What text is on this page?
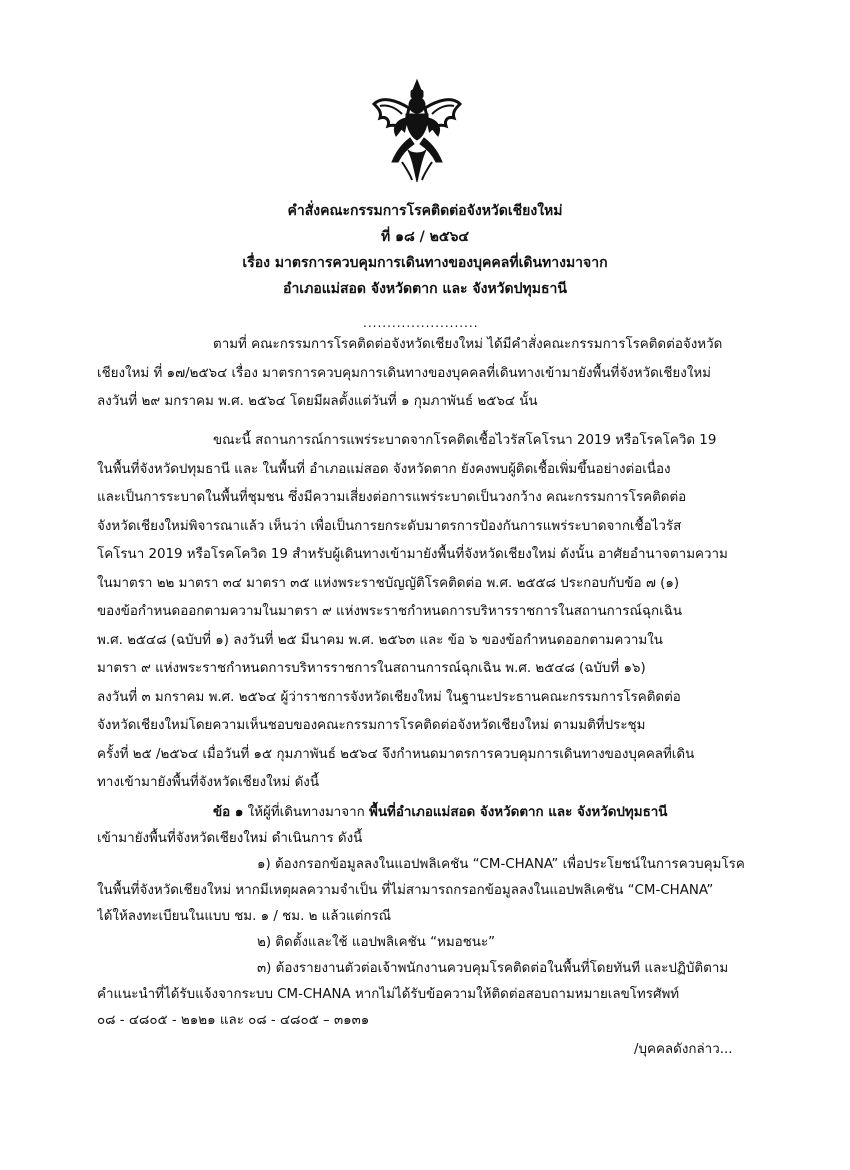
คำสั่งคณะกรรมการโรคติดต่อจังหวัดเชียงใหม่
ที่ ๑๘ / ๒๕๖๔
เรื่อง มาตรการควบคุมการเดินทางของบุคคลที่เดินทางมาจาก
อำเภอแม่สอด จังหวัดตาก และ จังหวัดปทุมธานี
........................
ตามที่ คณะกรรมการโรคติดต่อจังหวัดเชียงใหม่ ได้มีคำสั่งคณะกรรมการโรคติดต่อจังหวัด
เชียงใหม่ ที่ ๑๗/๒๕๖๔ เรื่อง มาตรการควบคุมการเดินทางของบุคคลที่เดินทางเข้ามายังพื้นที่จังหวัดเชียงใหม่
ลงวันที่ ๒๙ มกราคม พ.ศ. ๒๕๖๔ โดยมีผลตั้งแต่วันที่ ๑ กุมภาพันธ์ ๒๕๖๔ นั้น
ขณะนี้ สถานการณ์การแพร่ระบาดจากโรคติดเชื้อไวรัสโคโรนา 2019 หรือโรคโควิด 19
ในพื้นที่จังหวัดปทุมธานี และ ในพื้นที่ อำเภอแม่สอด จังหวัดตาก ยังคงพบผู้ติดเชื้อเพิ่มขึ้นอย่างต่อเนื่อง
และเป็นการระบาดในพื้นที่ชุมชน ซึ่งมีความเสี่ยงต่อการแพร่ระบาดเป็นวงกว้าง คณะกรรมการโรคติดต่อ
จังหวัดเชียงใหม่พิจารณาแล้ว เห็นว่า เพื่อเป็นการยกระดับมาตรการป้องกันการแพร่ระบาดจากเชื้อไวรัส
โคโรนา 2019 หรือโรคโควิด 19 สำหรับผู้เดินทางเข้ามายังพื้นที่จังหวัดเชียงใหม่ ดังนั้น อาศัยอำนาจตามความ
ในมาตรา ๒๒ มาตรา ๓๔ มาตรา ๓๕ แห่งพระราชบัญญัติโรคติดต่อ พ.ศ. ๒๕๕๘ ประกอบกับข้อ ๗ (๑)
ของข้อกำหนดออกตามความในมาตรา ๙ แห่งพระราชกำหนดการบริหารราชการในสถานการณ์ฉุกเฉิน
พ.ศ. ๒๕๔๘ (ฉบับที่ ๑) ลงวันที่ ๒๕ มีนาคม พ.ศ. ๒๕๖๓ และ ข้อ ๖ ของข้อกำหนดออกตามความใน
มาตรา ๙ แห่งพระราชกำหนดการบริหารราชการในสถานการณ์ฉุกเฉิน พ.ศ. ๒๕๔๘ (ฉบับที่ ๑๖)
ลงวันที่ ๓ มกราคม พ.ศ. ๒๕๖๔ ผู้ว่าราชการจังหวัดเชียงใหม่ ในฐานะประธานคณะกรรมการโรคติดต่อ
จังหวัดเชียงใหม่โดยความเห็นชอบของคณะกรรมการโรคติดต่อจังหวัดเชียงใหม่ ตามมติที่ประชุม
ครั้งที่ ๒๕ /๒๕๖๔ เมื่อวันที่ ๑๕ กุมภาพันธ์ ๒๕๖๔ จึงกำหนดมาตรการควบคุมการเดินทางของบุคคลที่เดิน
ทางเข้ามายังพื้นที่จังหวัดเชียงใหม่ ดังนี้
ข้อ ๑ ให้ผู้ที่เดินทางมาจาก พื้นที่อำเภอแม่สอด จังหวัดตาก และ จังหวัดปทุมธานี
เข้ามายังพื้นที่จังหวัดเชียงใหม่ ดำเนินการ ดังนี้
๑) ต้องกรอกข้อมูลลงในแอปพลิเคชัน “CM-CHANA” เพื่อประโยชน์ในการควบคุมโรค
ในพื้นที่จังหวัดเชียงใหม่ หากมีเหตุผลความจำเป็น ที่ไม่สามารถกรอกข้อมูลลงในแอปพลิเคชัน “CM-CHANA”
ได้ให้ลงทะเบียนในแบบ ชม. ๑ / ชม. ๒ แล้วแต่กรณี
๒) ติดตั้งและใช้ แอปพลิเคชัน “หมอชนะ”
๓) ต้องรายงานตัวต่อเจ้าพนักงานควบคุมโรคติดต่อในพื้นที่โดยทันที และปฏิบัติตาม
คำแนะนำที่ได้รับแจ้งจากระบบ CM-CHANA หากไม่ได้รับข้อความให้ติดต่อสอบถามหมายเลขโทรศัพท์
๐๘ - ๔๘๐๕ - ๒๑๒๑ และ ๐๘ - ๔๘๐๕ – ๓๑๓๑
/บุคคลดังกล่าว...
